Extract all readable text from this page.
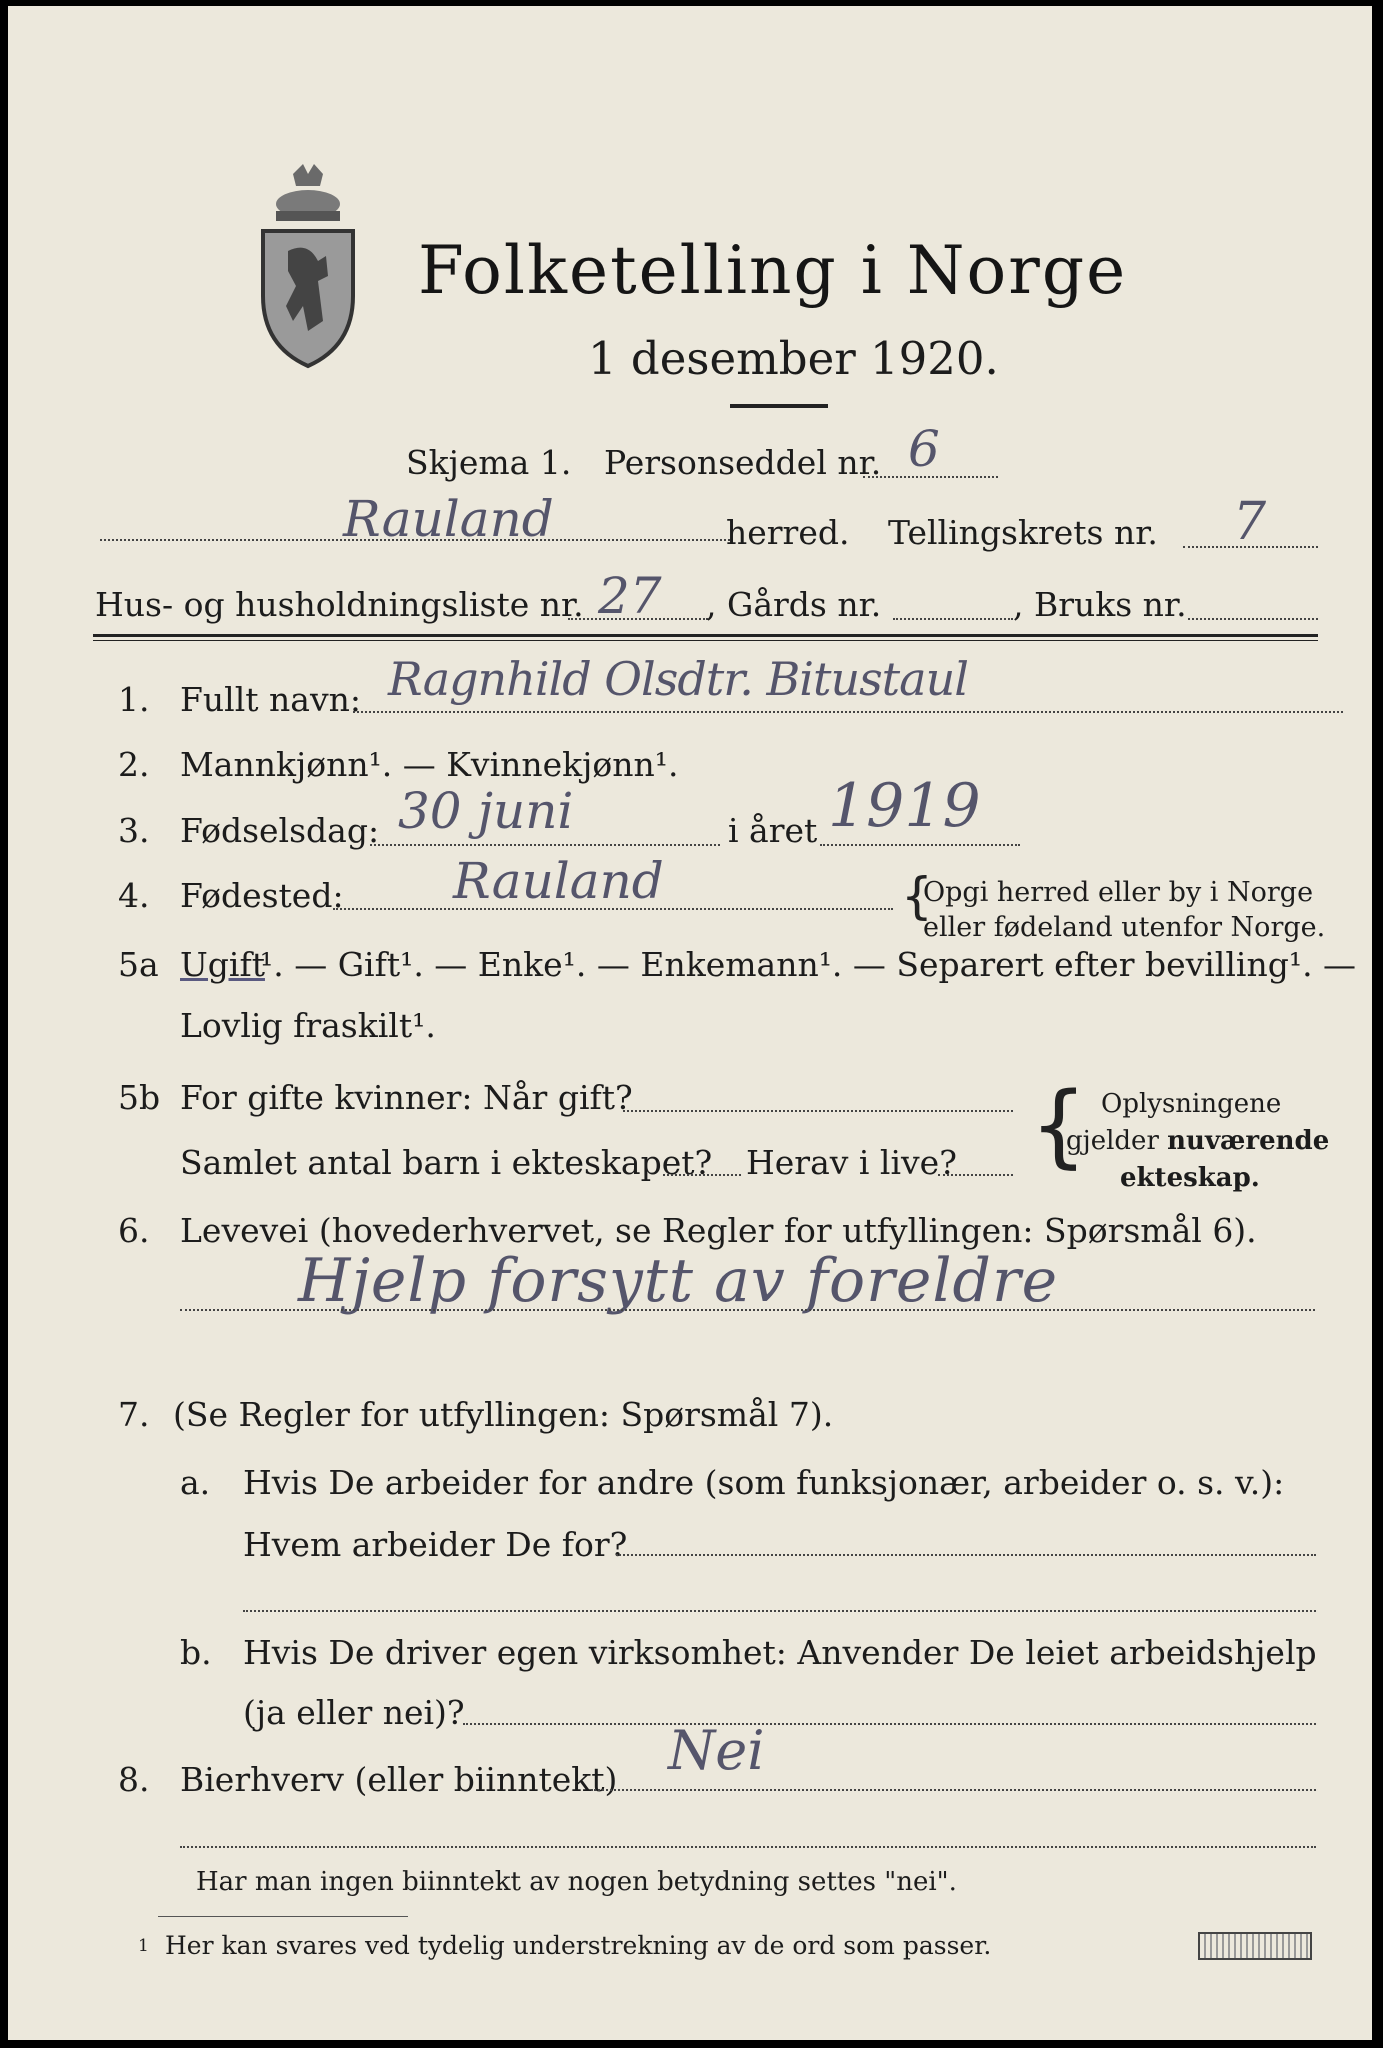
Folketelling i Norge
1 desember 1920.
Skjema 1. Personseddel nr. 6
Rauland	herred. Tellingskrets nr. 7
Hus- og husholdningsliste nr. 27 , Gårds nr.	, Bruks nr.
1. Fullt navn: Ragnhild Olsdtr. Bitustaul
2. Mannkjønn¹. — Kvinnekjønn¹.
3. Fødselsdag: 30 juni	i året 1919
4. Fødested: Rauland	{
Opgi herred eller by i Norge
eller fødeland utenfor Norge.
5a Ugift
¹. — Gift¹. — Enke¹. — Enkemann¹. — Separert efter bevilling¹. —
Lovlig fraskilt¹.
5b For gifte kvinner: Når gift?
Samlet antal barn i ekteskapet? Herav i live? { Oplysningene
gjelder nuværende
ekteskap.
6. Levevei (hovederhvervet, se Regler for utfyllingen: Spørsmål 6).
Hjelp forsytt av foreldre
7. (Se Regler for utfyllingen: Spørsmål 7).
a. Hvis De arbeider for andre (som funksjonær, arbeider o. s. v.):
Hvem arbeider De for?
b. Hvis De driver egen virksomhet: Anvender De leiet arbeidshjelp
(ja eller nei)?
8. Bierhverv (eller biinntekt) Nei
Har man ingen biinntekt av nogen betydning settes "nei".
1 Her kan svares ved tydelig understrekning av de ord som passer.
